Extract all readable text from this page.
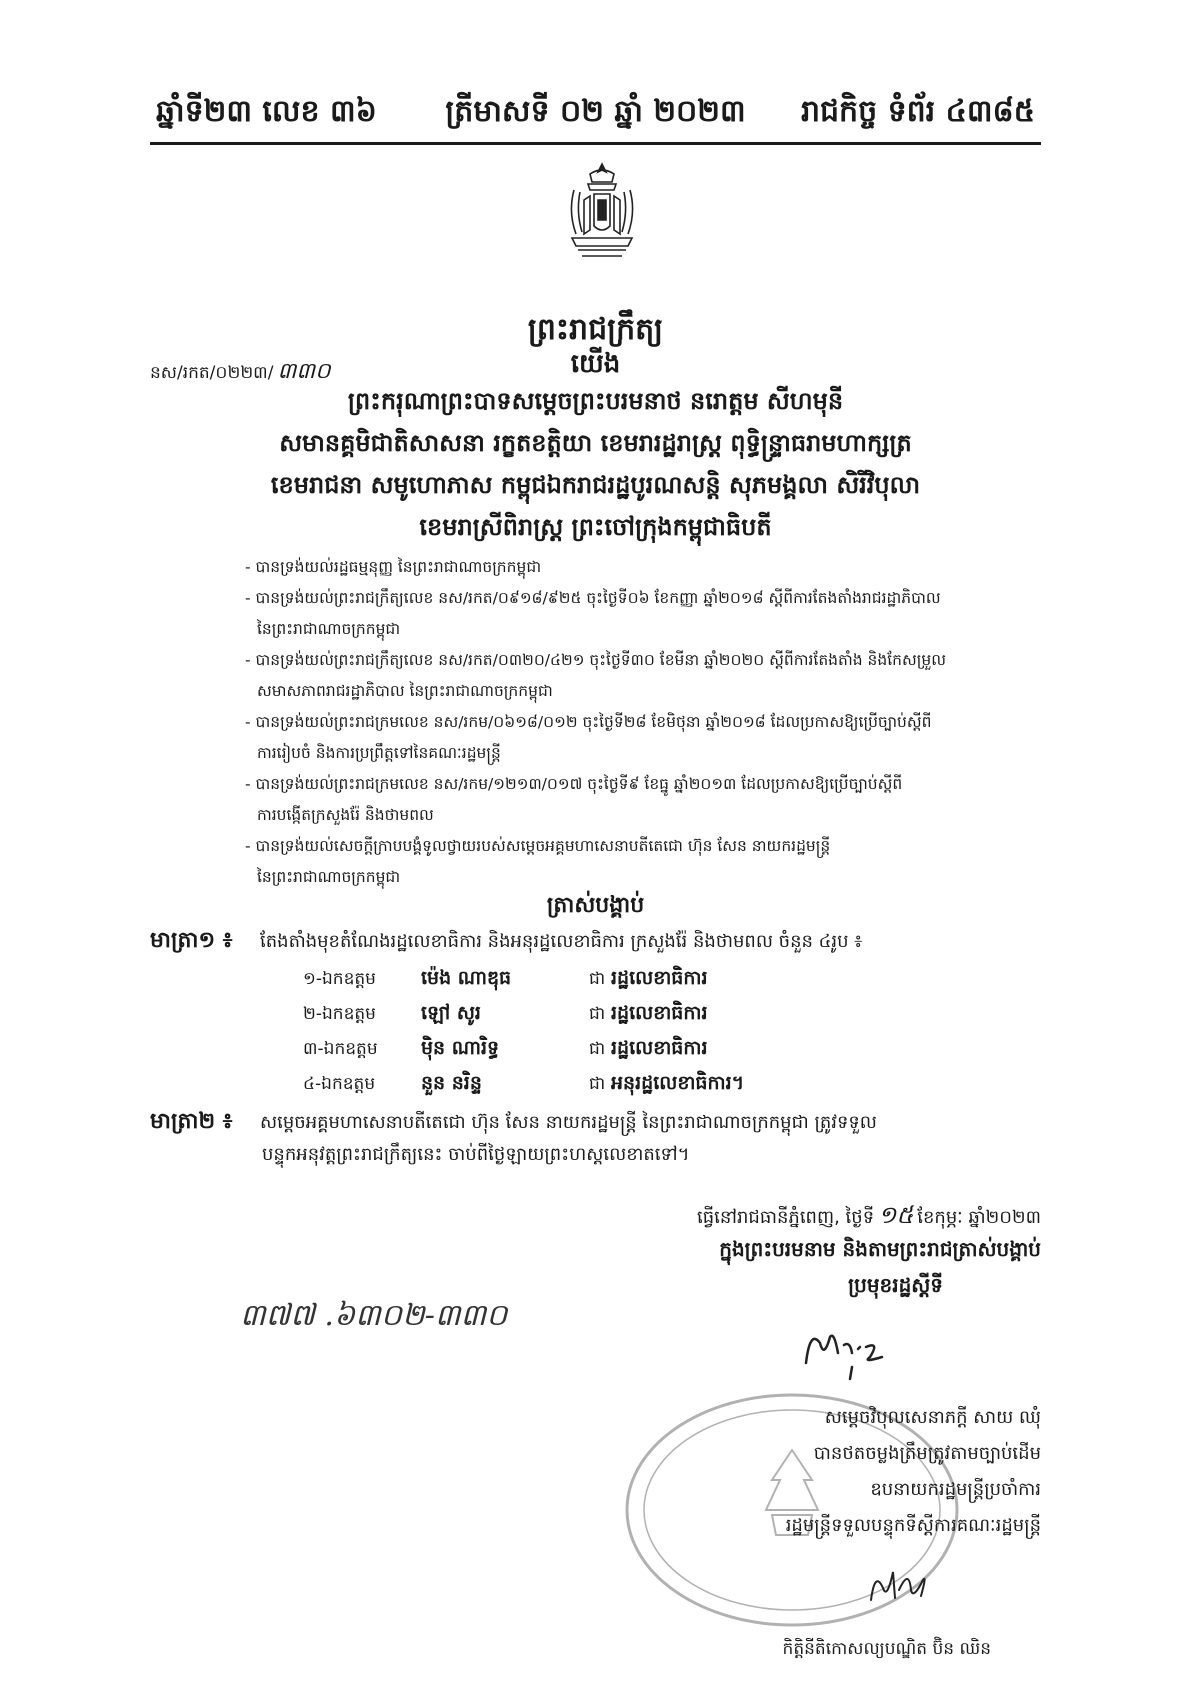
ឆ្នាំទី២៣ លេខ ៣៦	ត្រីមាសទី ០២ ឆ្នាំ ២០២៣	រាជកិច្ច ទំព័រ ៤៣៨៥
ព្រះរាជក្រឹត្យ
នស/រកត/០២២៣/ ៣៣០	យើង
ព្រះករុណាព្រះបាទសម្តេចព្រះបរមនាថ នរោត្តម សីហមុនី
សមានគ្គមិជាតិសាសនា រក្ខតខត្តិយា ខេមរារដ្ឋរាស្ត្រ ពុទ្ធិន្ទ្រាធរាមហាក្សត្រ
ខេមរាជនា សមូហោភាស កម្ពុជឯករាជរដ្ឋបូរណសន្តិ សុភមង្គលា សិរីវិបុលា
ខេមរាស្រីពិរាស្ត្រ ព្រះចៅក្រុងកម្ពុជាធិបតី
- បានទ្រង់យល់រដ្ឋធម្មនុញ្ញ នៃព្រះរាជាណាចក្រកម្ពុជា
- បានទ្រង់យល់ព្រះរាជក្រឹត្យលេខ នស/រកត/០៩១៨/៩២៥ ចុះថ្ងៃទី០៦ ខែកញ្ញា ឆ្នាំ២០១៨ ស្តីពីការតែងតាំងរាជរដ្ឋាភិបាល
នៃព្រះរាជាណាចក្រកម្ពុជា
- បានទ្រង់យល់ព្រះរាជក្រឹត្យលេខ នស/រកត/០៣២០/៤២១ ចុះថ្ងៃទី៣០ ខែមីនា ឆ្នាំ២០២០ ស្តីពីការតែងតាំង និងកែសម្រួល
សមាសភាពរាជរដ្ឋាភិបាល នៃព្រះរាជាណាចក្រកម្ពុជា
- បានទ្រង់យល់ព្រះរាជក្រមលេខ នស/រកម/០៦១៨/០១២ ចុះថ្ងៃទី២៨ ខែមិថុនា ឆ្នាំ២០១៨ ដែលប្រកាសឱ្យប្រើច្បាប់ស្តីពី
ការរៀបចំ និងការប្រព្រឹត្តទៅនៃគណៈរដ្ឋមន្ត្រី
- បានទ្រង់យល់ព្រះរាជក្រមលេខ នស/រកម/១២១៣/០១៧ ចុះថ្ងៃទី៩ ខែធ្នូ ឆ្នាំ២០១៣ ដែលប្រកាសឱ្យប្រើច្បាប់ស្តីពី
ការបង្កើតក្រសួងរ៉ែ និងថាមពល
- បានទ្រង់យល់សេចក្តីក្រាបបង្គំទូលថ្វាយរបស់សម្តេចអគ្គមហាសេនាបតីតេជោ ហ៊ុន សែន នាយករដ្ឋមន្ត្រី
នៃព្រះរាជាណាចក្រកម្ពុជា
ត្រាស់បង្គាប់
មាត្រា១ ៖ តែងតាំងមុខតំណែងរដ្ឋលេខាធិការ និងអនុរដ្ឋលេខាធិការ ក្រសួងរ៉ែ និងថាមពល ចំនួន ៤រូប ៖
១-ឯកឧត្តម ម៉េង ណាឌុធ	ជា រដ្ឋលេខាធិការ
២-ឯកឧត្តម ឡៅ សូរ	ជា រដ្ឋលេខាធិការ
៣-ឯកឧត្តម ម៉ិន ណារិទ្ធ	ជា រដ្ឋលេខាធិការ
៤-ឯកឧត្តម នួន នរិន្ទ	ជា អនុរដ្ឋលេខាធិការ។
មាត្រា២ ៖ សម្តេចអគ្គមហាសេនាបតីតេជោ ហ៊ុន សែន នាយករដ្ឋមន្ត្រី នៃព្រះរាជាណាចក្រកម្ពុជា ត្រូវទទួល
បន្ទុកអនុវត្តព្រះរាជក្រឹត្យនេះ ចាប់ពីថ្ងៃឡាយព្រះហស្តលេខាតទៅ។
ធ្វើនៅរាជធានីភ្នំពេញ, ថ្ងៃទី ១៥ ខែកុម្ភៈ ឆ្នាំ២០២៣
ក្នុងព្រះបរមនាម និងតាមព្រះរាជត្រាស់បង្គាប់
ប្រមុខរដ្ឋស្តីទី
៣៧៧ .៦៣០២-៣៣០
សម្តេចវិបុលសេនាភក្តី សាយ ឈុំ
បានថតចម្លងត្រឹមត្រូវតាមច្បាប់ដើម
ឧបនាយករដ្ឋមន្ត្រីប្រចាំការ
រដ្ឋមន្ត្រីទទួលបន្ទុកទីស្តីការគណៈរដ្ឋមន្ត្រី
កិត្តិនីតិកោសល្យបណ្ឌិត ប៊ិន ឈិន
